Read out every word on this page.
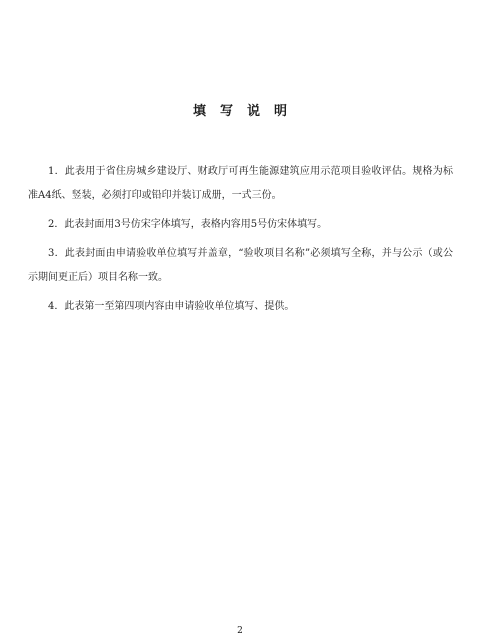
填写说明

1．此表用于省住房城乡建设厅、财政厅可再生能源建筑应用示范项目验收评估。规格为标准A4纸、竖装，必须打印或铅印并装订成册，一式三份。

2．此表封面用3号仿宋字体填写，表格内容用5号仿宋体填写。

3．此表封面由申请验收单位填写并盖章，“验收项目名称”必须填写全称，并与公示（或公示期间更正后）项目名称一致。

4．此表第一至第四项内容由申请验收单位填写、提供。

2
